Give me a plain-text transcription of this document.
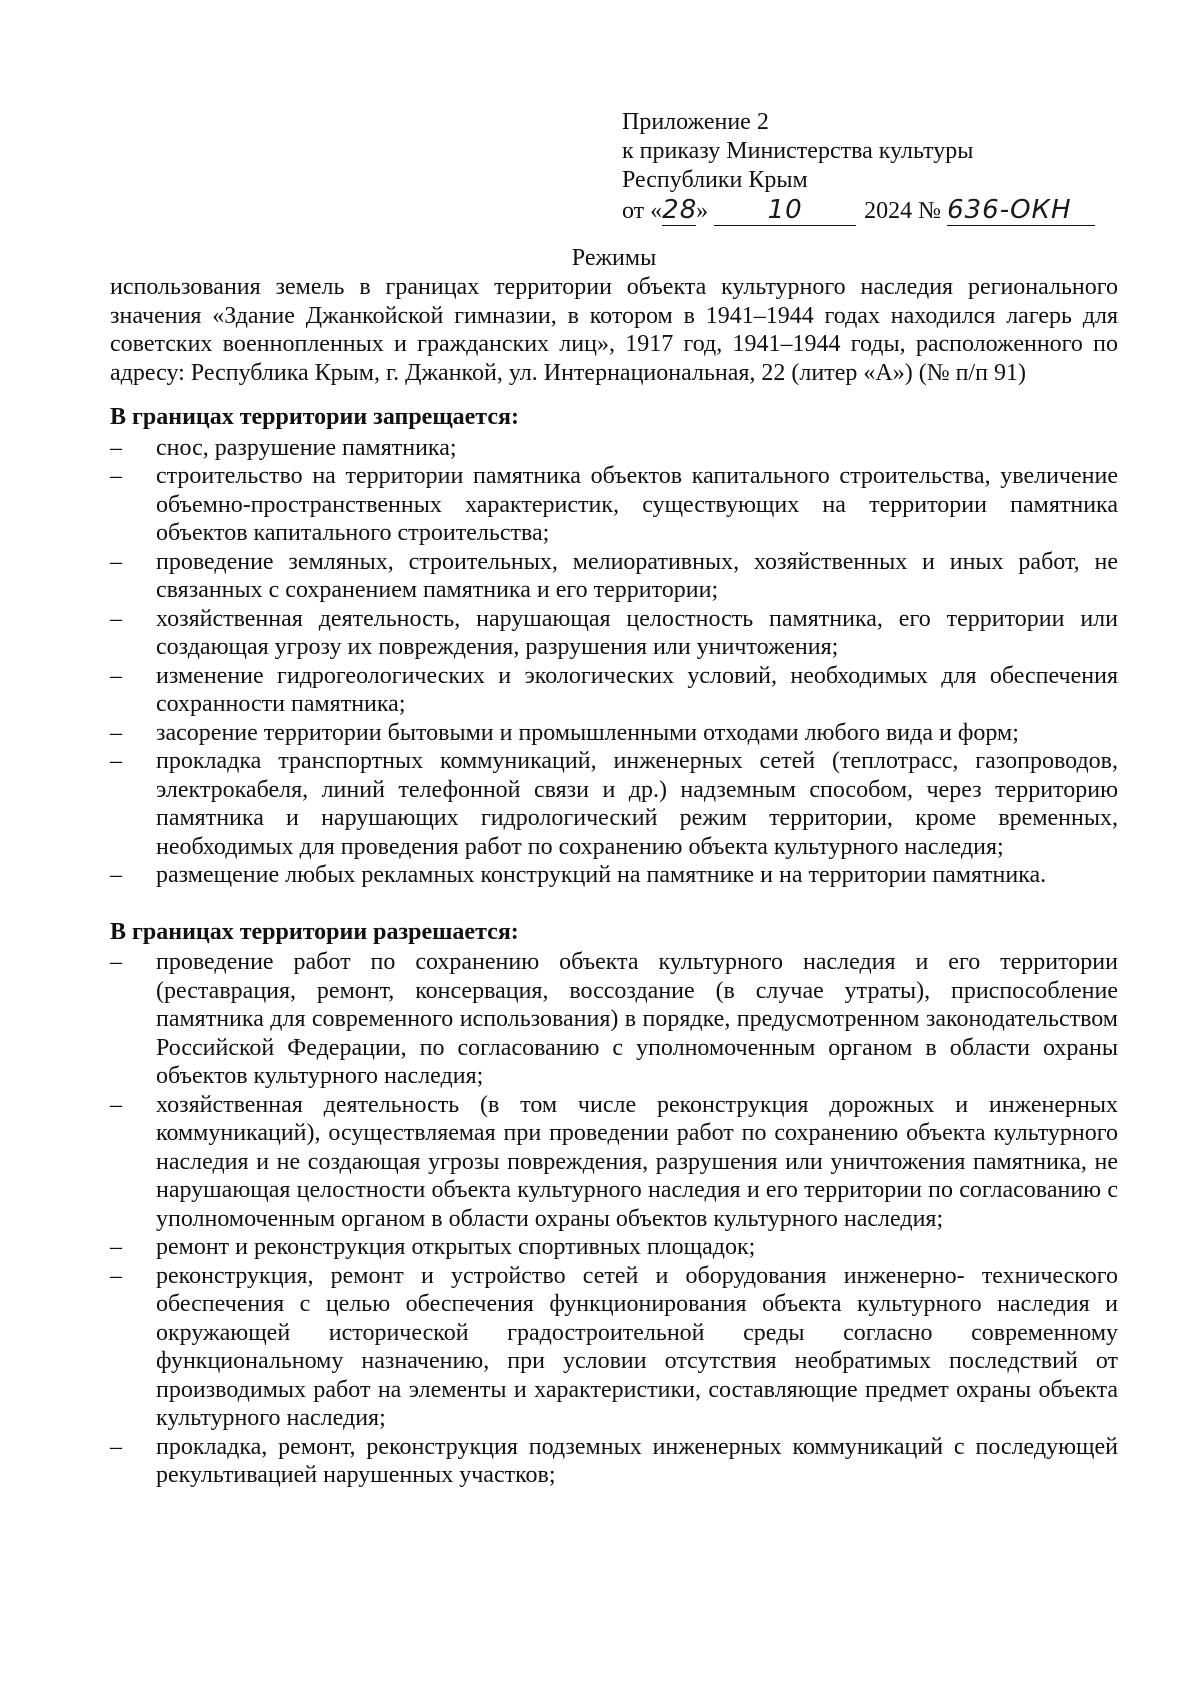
Приложение 2
к приказу Министерства культуры
Республики Крым
от « 28
»	10	2024 № 636-ОКН
Режимы

использования земель в границах территории объекта культурного наследия регионального значения «Здание Джанкойской гимназии, в котором в 1941–1944 годах находился лагерь для советских военнопленных и гражданских лиц», 1917 год, 1941–1944 годы, расположенного по адресу: Республика Крым, г. Джанкой, ул. Интернациональная, 22 (литер «А») (№ п/п 91)

В границах территории запрещается:
– снос, разрушение памятника;
– строительство на территории памятника объектов капитального строительства, увеличение объемно-пространственных характеристик, существующих на территории памятника объектов капитального строительства;
– проведение земляных, строительных, мелиоративных, хозяйственных и иных работ, не связанных с сохранением памятника и его территории;
– хозяйственная деятельность, нарушающая целостность памятника, его территории или создающая угрозу их повреждения, разрушения или уничтожения;
– изменение гидрогеологических и экологических условий, необходимых для обеспечения сохранности памятника;
– засорение территории бытовыми и промышленными отходами любого вида и форм;
– прокладка транспортных коммуникаций, инженерных сетей (теплотрасс, газопроводов, электрокабеля, линий телефонной связи и др.) надземным способом, через территорию памятника и нарушающих гидрологический режим территории, кроме временных, необходимых для проведения работ по сохранению объекта культурного наследия;
– размещение любых рекламных конструкций на памятнике и на территории памятника.
В границах территории разрешается:
– проведение работ по сохранению объекта культурного наследия и его территории (реставрация, ремонт, консервация, воссоздание (в случае утраты), приспособление памятника для современного использования) в порядке, предусмотренном законодательством Российской Федерации, по согласованию с уполномоченным органом в области охраны объектов культурного наследия;
– хозяйственная деятельность (в том числе реконструкция дорожных и инженерных коммуникаций), осуществляемая при проведении работ по сохранению объекта культурного наследия и не создающая угрозы повреждения, разрушения или уничтожения памятника, не нарушающая целостности объекта культурного наследия и его территории по согласованию с уполномоченным органом в области охраны объектов культурного наследия;
– ремонт и реконструкция открытых спортивных площадок;
– реконструкция, ремонт и устройство сетей и оборудования инженерно- технического обеспечения с целью обеспечения функционирования объекта культурного наследия и окружающей исторической градостроительной среды согласно современному функциональному назначению, при условии отсутствия необратимых последствий от производимых работ на элементы и характеристики, составляющие предмет охраны объекта культурного наследия;
– прокладка, ремонт, реконструкция подземных инженерных коммуникаций с последующей рекультивацией нарушенных участков;
